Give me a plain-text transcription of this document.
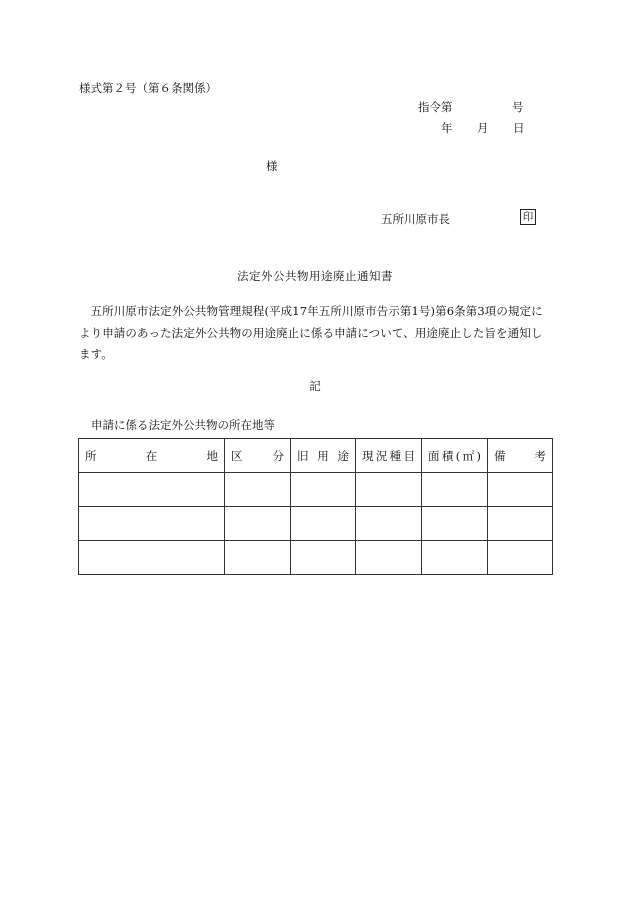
様式第２号（第６条関係）
指令第	号
年 月 日
様
五所川原市長	印
法定外公共物用途廃止通知書
五所川原市法定外公共物管理規程(平成17年五所川原市告示第1号)第6条第3項の規定により申請のあった法定外公共物の用途廃止に係る申請について、用途廃止した旨を通知します。
記
申請に係る法定外公共物の所在地等
所在地	区分	旧用途	現況種目	面積(㎡)	備考
